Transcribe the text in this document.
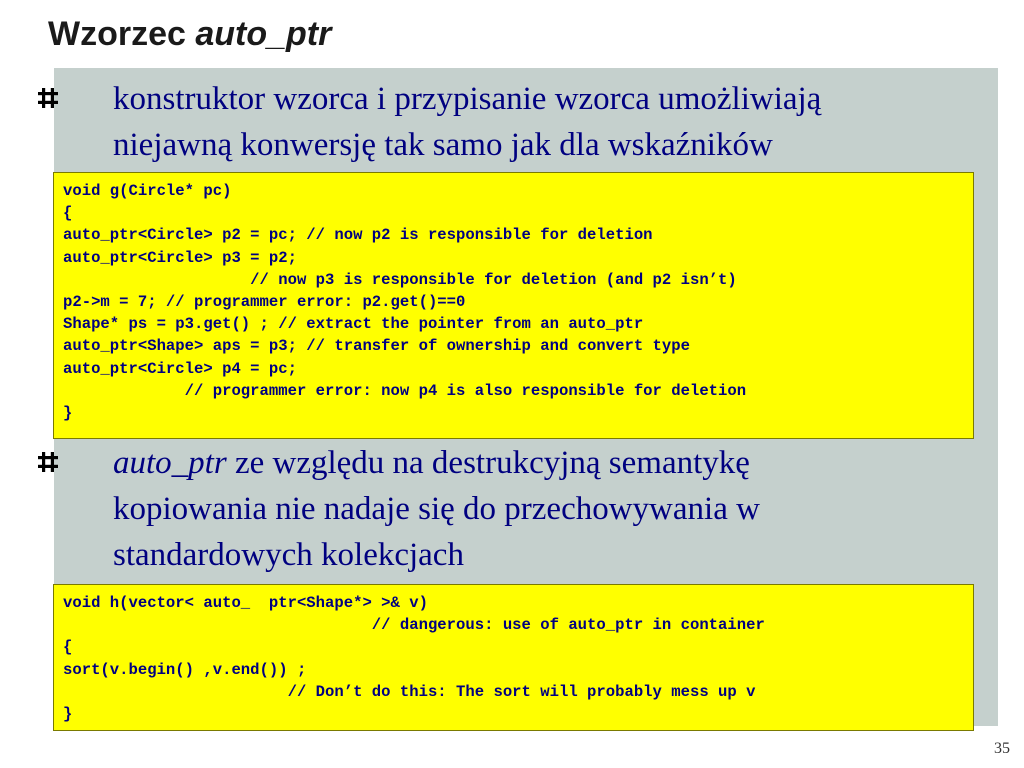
Wzorzec auto_ptr
konstruktor wzorca i przypisanie wzorca umożliwiają
niejawną konwersję tak samo jak dla wskaźników
void g(Circle* pc)
{
auto_ptr<Circle> p2 = pc; // now p2 is responsible for deletion
auto_ptr<Circle> p3 = p2;
// now p3 is responsible for deletion (and p2 isn’t)
p2->m = 7; // programmer error: p2.get()==0
Shape* ps = p3.get() ; // extract the pointer from an auto_ptr
auto_ptr<Shape> aps = p3; // transfer of ownership and convert type
auto_ptr<Circle> p4 = pc;
// programmer error: now p4 is also responsible for deletion
}
auto_ptr ze względu na destrukcyjną semantykę
kopiowania nie nadaje się do przechowywania w
standardowych kolekcjach
void h(vector< auto_  ptr<Shape*> >& v)
// dangerous: use of auto_ptr in container
{
sort(v.begin() ,v.end()) ;
// Don’t do this: The sort will probably mess up v
}
35
